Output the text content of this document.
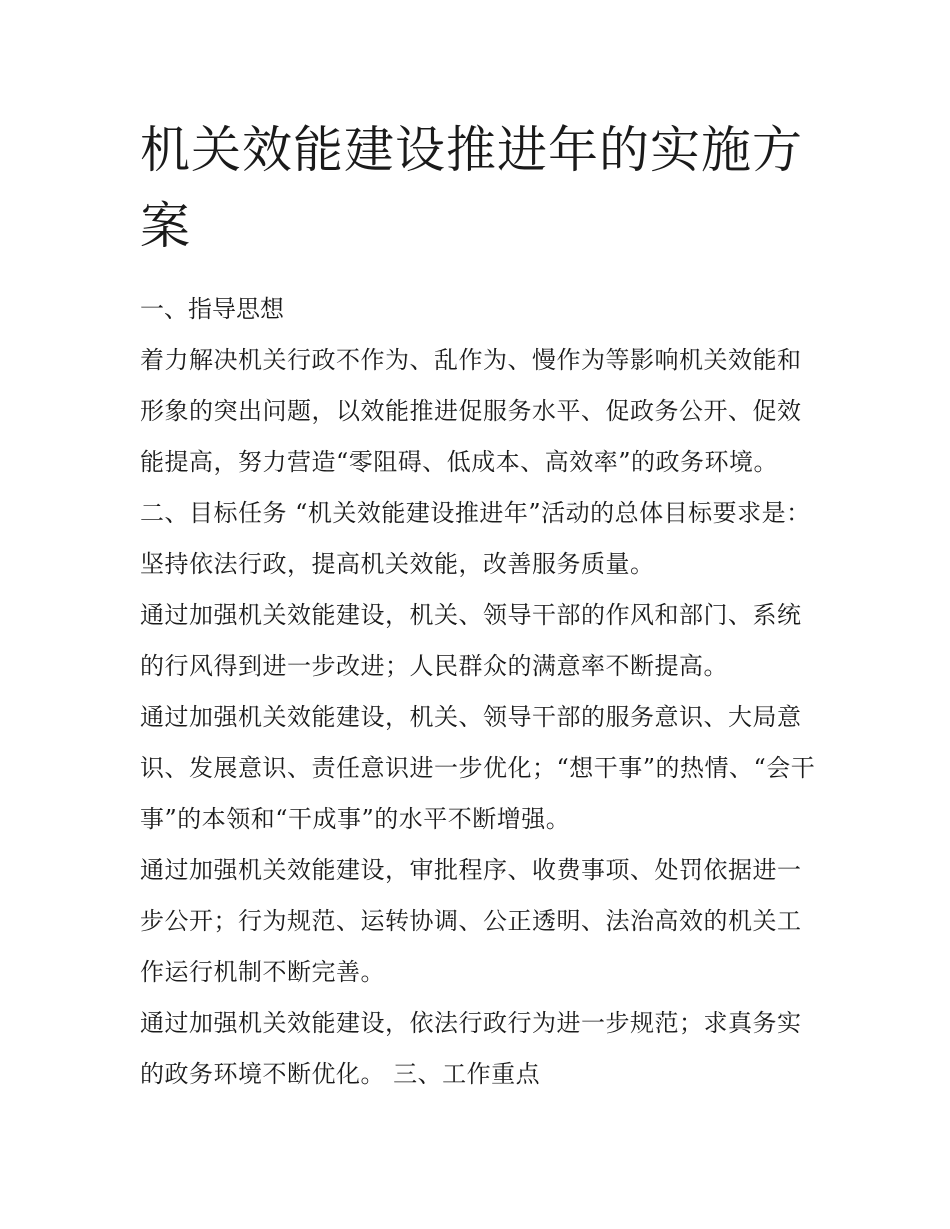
机关效能建设推进年的实施方案

一、指导思想

着力解决机关行政不作为、乱作为、慢作为等影响机关效能和形象的突出问题，以效能推进促服务水平、促政务公开、促效能提高，努力营造“零阻碍、低成本、高效率”的政务环境。

二、目标任务 “机关效能建设推进年”活动的总体目标要求是：坚持依法行政，提高机关效能，改善服务质量。

通过加强机关效能建设，机关、领导干部的作风和部门、系统的行风得到进一步改进；人民群众的满意率不断提高。

通过加强机关效能建设，机关、领导干部的服务意识、大局意识、发展意识、责任意识进一步优化；“想干事”的热情、“会干事”的本领和“干成事”的水平不断增强。

通过加强机关效能建设，审批程序、收费事项、处罚依据进一步公开；行为规范、运转协调、公正透明、法治高效的机关工作运行机制不断完善。

通过加强机关效能建设，依法行政行为进一步规范；求真务实的政务环境不断优化。 三、工作重点
